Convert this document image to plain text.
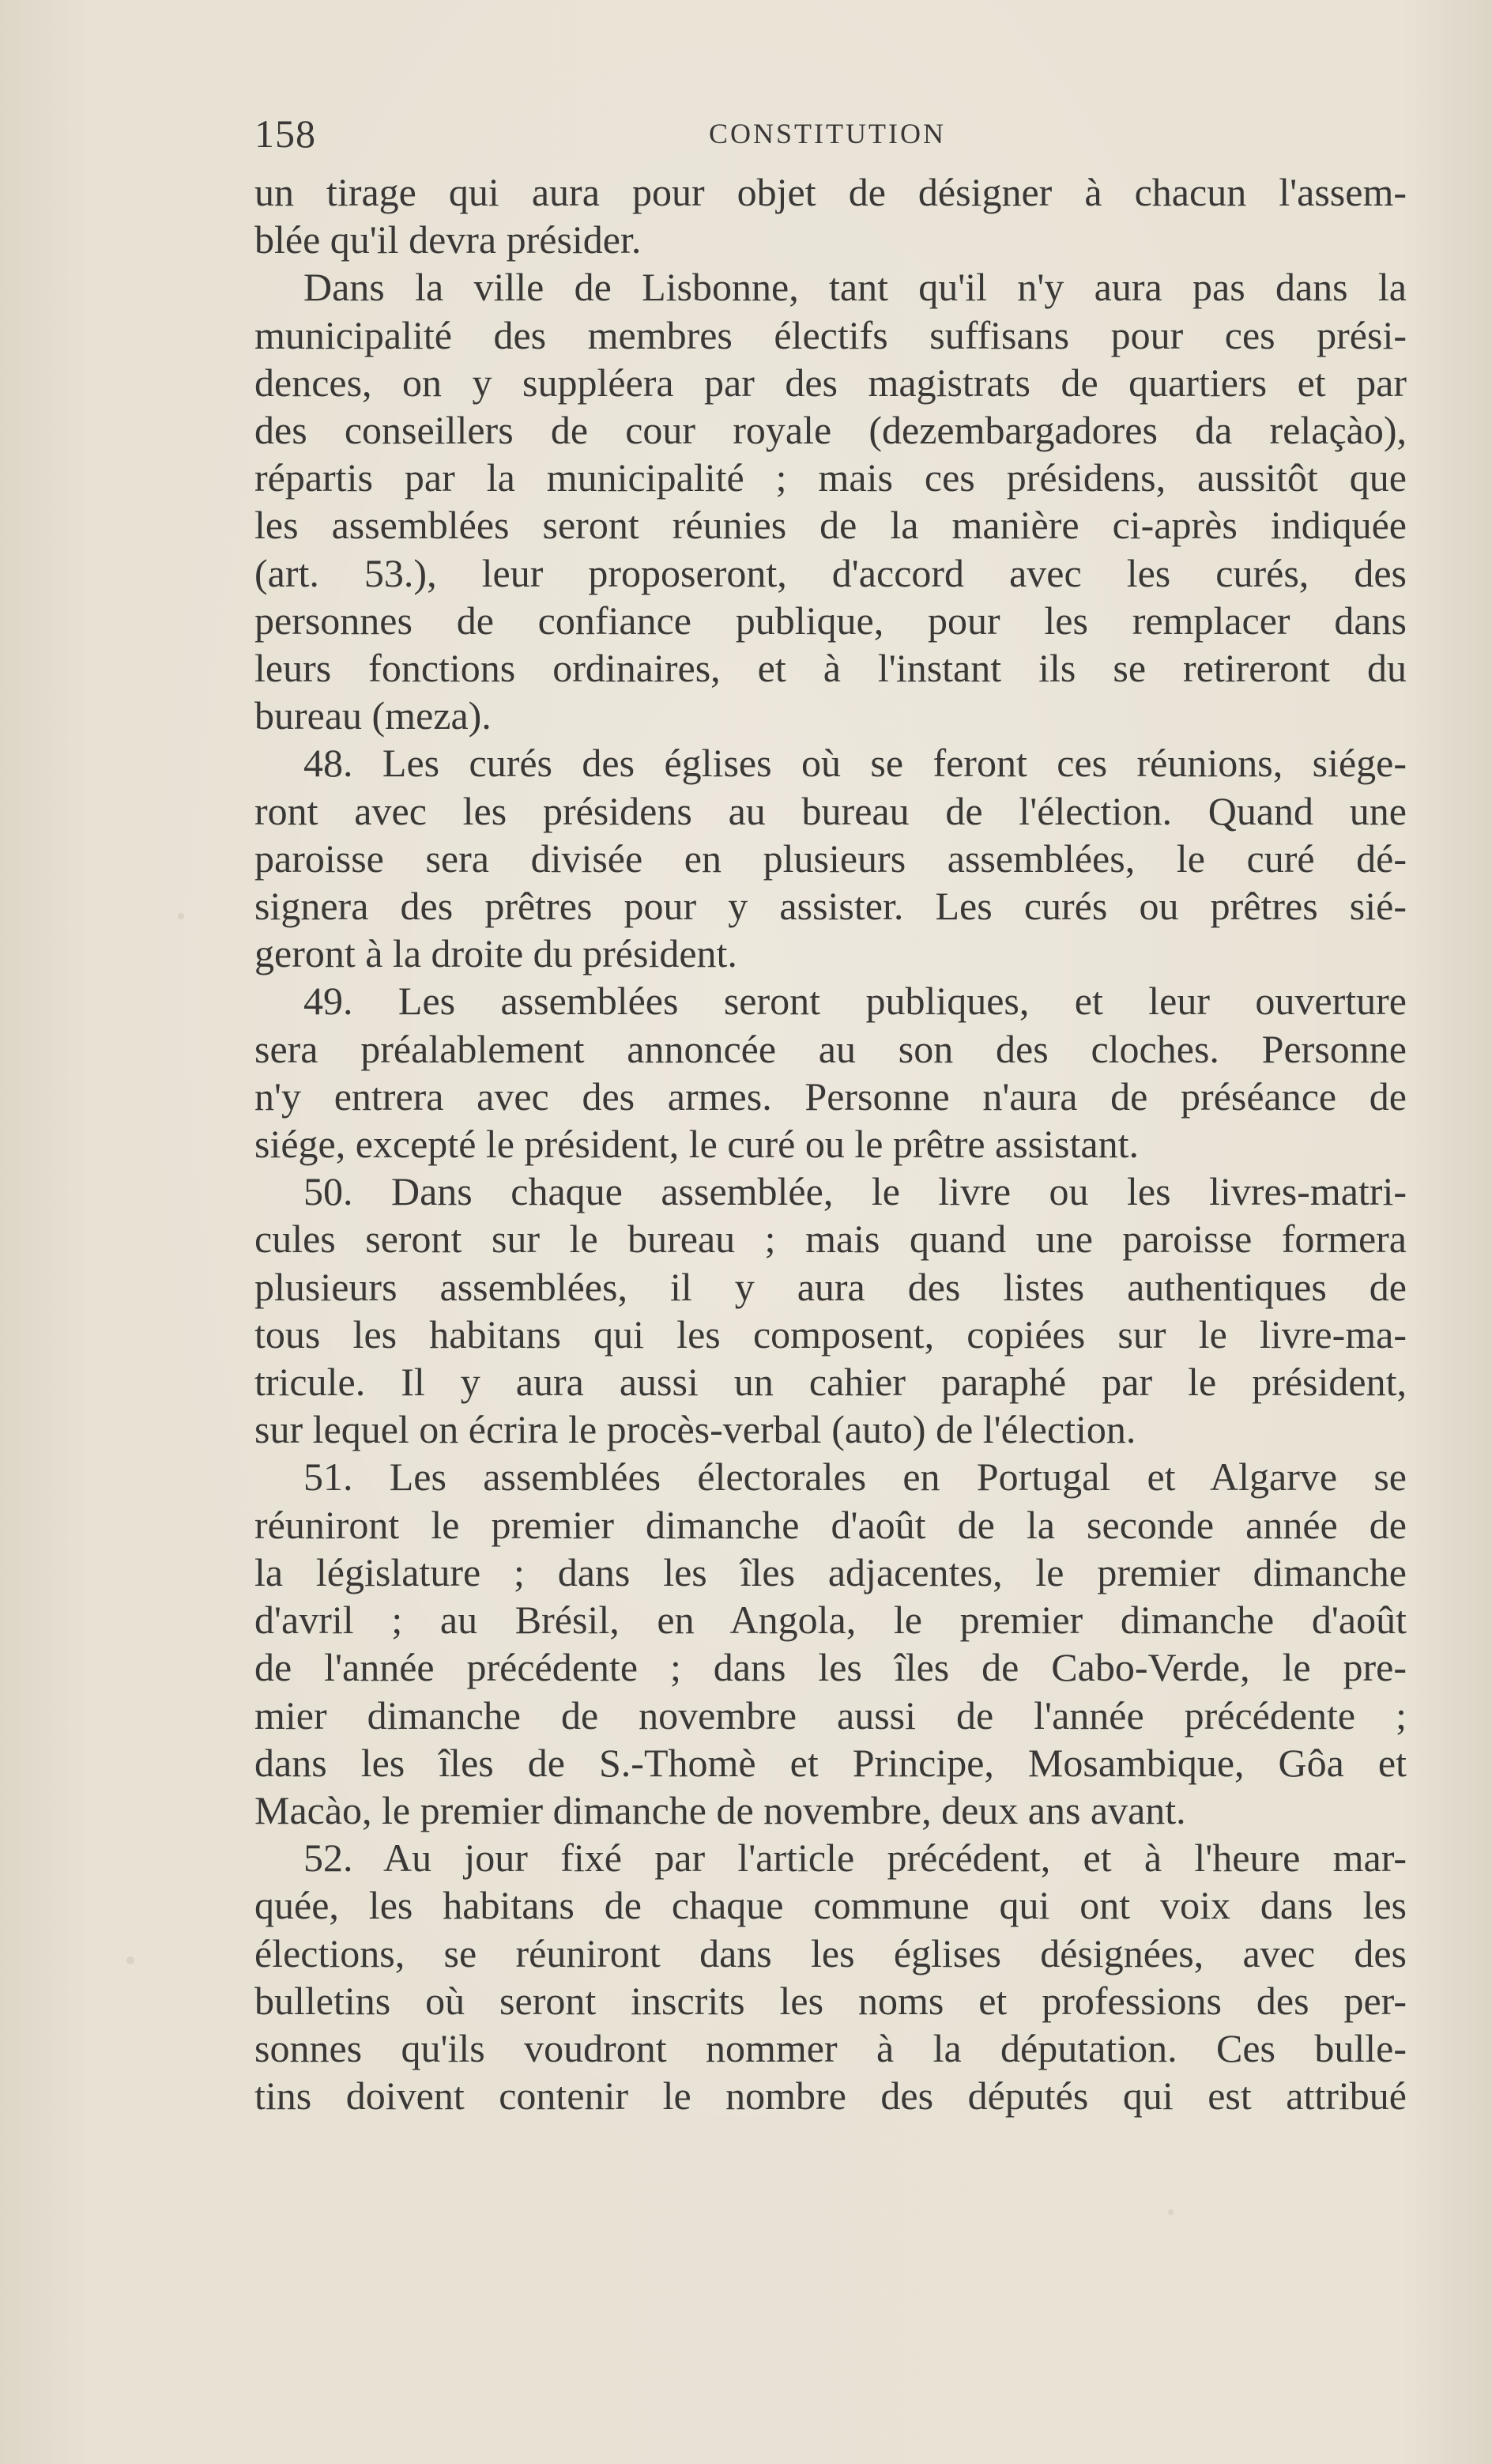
158	CONSTITUTION
un tirage qui aura pour objet de désigner à chacun l'assem-
blée qu'il devra présider.
Dans la ville de Lisbonne, tant qu'il n'y aura pas dans la
municipalité des membres électifs suffisans pour ces prési-
dences, on y suppléera par des magistrats de quartiers et par
des conseillers de cour royale (dezembargadores da relaçào),
répartis par la municipalité ; mais ces présidens, aussitôt que
les assemblées seront réunies de la manière ci-après indiquée
(art. 53.), leur proposeront, d'accord avec les curés, des
personnes de confiance publique, pour les remplacer dans
leurs fonctions ordinaires, et à l'instant ils se retireront du
bureau (meza).
48. Les curés des églises où se feront ces réunions, siége-
ront avec les présidens au bureau de l'élection. Quand une
paroisse sera divisée en plusieurs assemblées, le curé dé-
signera des prêtres pour y assister. Les curés ou prêtres sié-
geront à la droite du président.
49. Les assemblées seront publiques, et leur ouverture
sera préalablement annoncée au son des cloches. Personne
n'y entrera avec des armes. Personne n'aura de préséance de
siége, excepté le président, le curé ou le prêtre assistant.
50. Dans chaque assemblée, le livre ou les livres-matri-
cules seront sur le bureau ; mais quand une paroisse formera
plusieurs assemblées, il y aura des listes authentiques de
tous les habitans qui les composent, copiées sur le livre-ma-
tricule. Il y aura aussi un cahier paraphé par le président,
sur lequel on écrira le procès-verbal (auto) de l'élection.
51. Les assemblées électorales en Portugal et Algarve se
réuniront le premier dimanche d'août de la seconde année de
la législature ; dans les îles adjacentes, le premier dimanche
d'avril ; au Brésil, en Angola, le premier dimanche d'août
de l'année précédente ; dans les îles de Cabo-Verde, le pre-
mier dimanche de novembre aussi de l'année précédente ;
dans les îles de S.-Thomè et Principe, Mosambique, Gôa et
Macào, le premier dimanche de novembre, deux ans avant.
52. Au jour fixé par l'article précédent, et à l'heure mar-
quée, les habitans de chaque commune qui ont voix dans les
élections, se réuniront dans les églises désignées, avec des
bulletins où seront inscrits les noms et professions des per-
sonnes qu'ils voudront nommer à la députation. Ces bulle-
tins doivent contenir le nombre des députés qui est attribué
